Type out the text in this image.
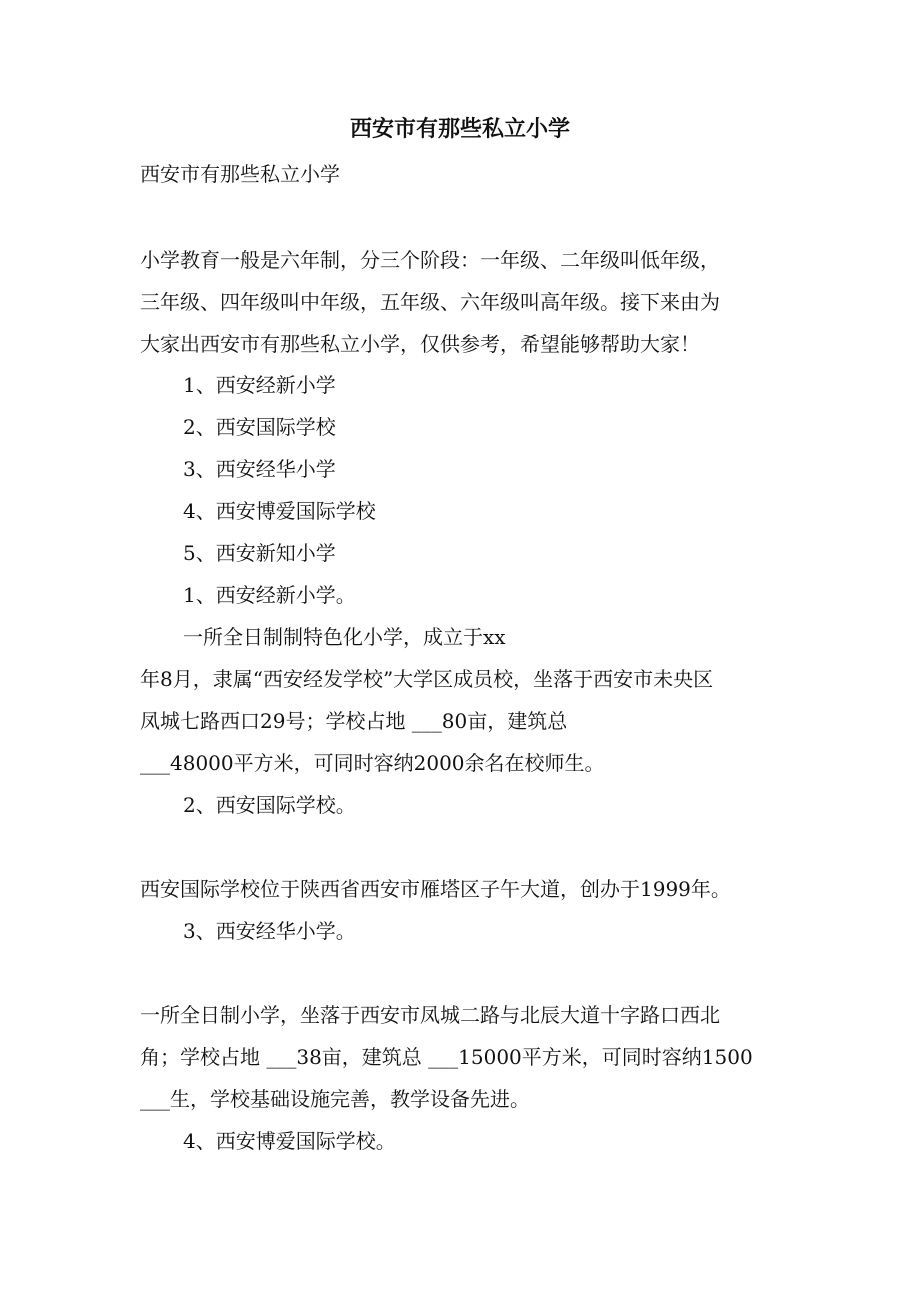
西安市有那些私立小学

西安市有那些私立小学

小学教育一般是六年制，分三个阶段：一年级、二年级叫低年级，

三年级、四年级叫中年级，五年级、六年级叫高年级。接下来由为

大家出西安市有那些私立小学，仅供参考，希望能够帮助大家！

1、西安经新小学

2、西安国际学校

3、西安经华小学

4、西安博爱国际学校

5、西安新知小学

1、西安经新小学。

一所全日制制特色化小学，成立于xx

年8月，隶属“西安经发学校”大学区成员校，坐落于西安市未央区

凤城七路西口29号；学校占地 ___80亩，建筑总

___48000平方米，可同时容纳2000余名在校师生。

2、西安国际学校。

西安国际学校位于陕西省西安市雁塔区子午大道，创办于1999年。

3、西安经华小学。

一所全日制小学，坐落于西安市凤城二路与北辰大道十字路口西北

角；学校占地 ___38亩，建筑总 ___15000平方米，可同时容纳1500

___生，学校基础设施完善，教学设备先进。

4、西安博爱国际学校。
